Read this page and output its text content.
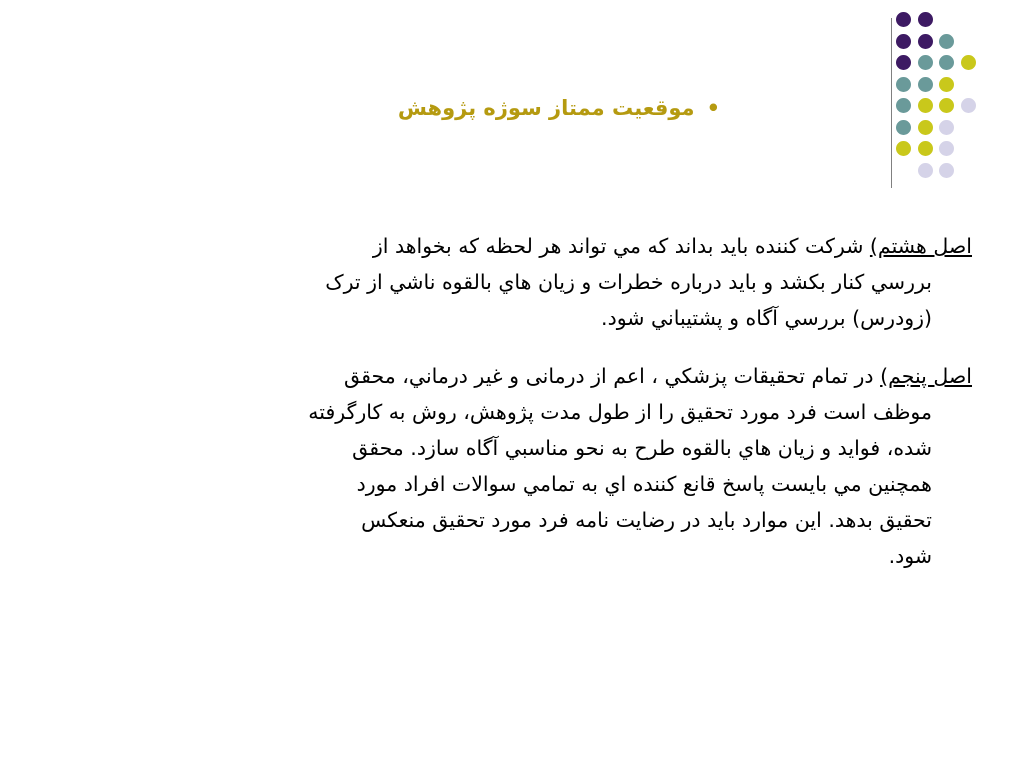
•موقعيت ممتاز سوژه پژوهش

اصل هشتم) شركت كننده بايد بداند كه مي تواند هر لحظه كه بخواهد از
بررسي كنار بكشد و بايد درباره خطرات و زيان هاي بالقوه ناشي از ترک
(زودرس) بررسي آگاه و پشتيباني شود.

اصل پنجم) در تمام تحقيقات پزشکي ، اعم از درمانی و غير درماني، محقق
موظف است فرد مورد تحقيق را از طول مدت پژوهش، روش به كارگرفته
شده، فوايد و زيان هاي بالقوه طرح به نحو مناسبي آگاه سازد. محقق
همچنين مي بايست پاسخ قانع كننده اي به تمامي سوالات افراد مورد
تحقيق بدهد. اين موارد بايد در رضايت نامه فرد مورد تحقيق منعكس
شود.
